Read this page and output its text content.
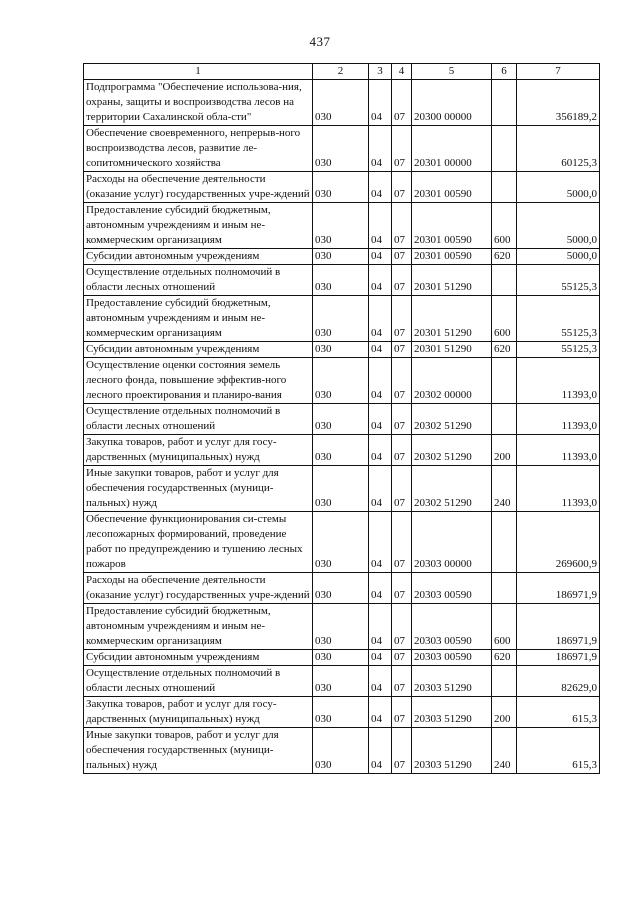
437
1	2	3	4	5	6	7
Подпрограмма "Обеспечение использова-ния, охраны, защиты и воспроизводства лесов на территории Сахалинской обла-сти"	030	04	07	20300 00000		356189,2
Обеспечение своевременного, непрерыв-ного воспроизводства лесов, развитие ле-сопитомнического хозяйства	030	04	07	20301 00000		60125,3
Расходы на обеспечение деятельности (оказание услуг) государственных учре-ждений	030	04	07	20301 00590		5000,0
Предоставление субсидий бюджетным, автономным учреждениям и иным не-коммерческим организациям	030	04	07	20301 00590	600	5000,0
Субсидии автономным учреждениям	030	04	07	20301 00590	620	5000,0
Осуществление отдельных полномочий в области лесных отношений	030	04	07	20301 51290		55125,3
Предоставление субсидий бюджетным, автономным учреждениям и иным не-коммерческим организациям	030	04	07	20301 51290	600	55125,3
Субсидии автономным учреждениям	030	04	07	20301 51290	620	55125,3
Осуществление оценки состояния земель лесного фонда, повышение эффектив-ного лесного проектирования и планиро-вания	030	04	07	20302 00000		11393,0
Осуществление отдельных полномочий в области лесных отношений	030	04	07	20302 51290		11393,0
Закупка товаров, работ и услуг для госу-дарственных (муниципальных) нужд	030	04	07	20302 51290	200	11393,0
Иные закупки товаров, работ и услуг для обеспечения государственных (муници-пальных) нужд	030	04	07	20302 51290	240	11393,0
Обеспечение функционирования си-стемы лесопожарных формирований, проведение работ по предупреждению и тушению лесных пожаров	030	04	07	20303 00000		269600,9
Расходы на обеспечение деятельности (оказание услуг) государственных учре-ждений	030	04	07	20303 00590		186971,9
Предоставление субсидий бюджетным, автономным учреждениям и иным не-коммерческим организациям	030	04	07	20303 00590	600	186971,9
Субсидии автономным учреждениям	030	04	07	20303 00590	620	186971,9
Осуществление отдельных полномочий в области лесных отношений	030	04	07	20303 51290		82629,0
Закупка товаров, работ и услуг для госу-дарственных (муниципальных) нужд	030	04	07	20303 51290	200	615,3
Иные закупки товаров, работ и услуг для обеспечения государственных (муници-пальных) нужд	030	04	07	20303 51290	240	615,3
